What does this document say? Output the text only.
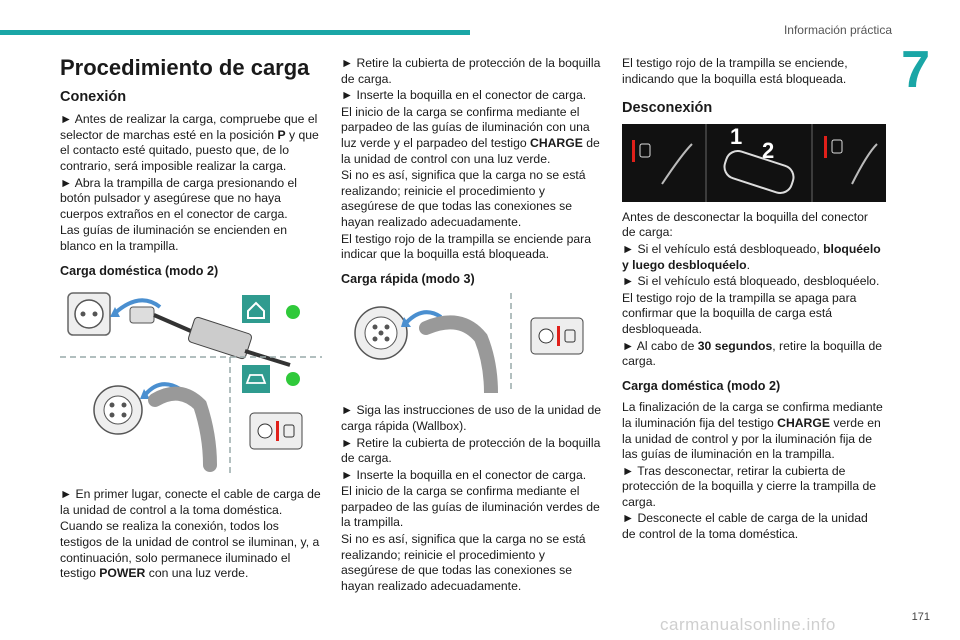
Información práctica
7
Procedimiento de carga
Conexión

► Antes de realizar la carga, compruebe que el selector de marchas esté en la posición P y que el contacto esté quitado, puesto que, de lo contrario, será imposible realizar la carga.

► Abra la trampilla de carga presionando el botón pulsador y asegúrese que no haya cuerpos extraños en el conector de carga.

Las guías de iluminación se encienden en blanco en la trampilla.

Carga doméstica (modo 2)

► En primer lugar, conecte el cable de carga de la unidad de control a la toma doméstica.

Cuando se realiza la conexión, todos los testigos de la unidad de control se iluminan, y, a continuación, solo permanece iluminado el testigo POWER con una luz verde.

► Retire la cubierta de protección de la boquilla de carga.

► Inserte la boquilla en el conector de carga.

El inicio de la carga se confirma mediante el parpadeo de las guías de iluminación con una luz verde y el parpadeo del testigo CHARGE de la unidad de control con una luz verde.

Si no es así, significa que la carga no se está realizando; reinicie el procedimiento y asegúrese de que todas las conexiones se hayan realizado adecuadamente.

El testigo rojo de la trampilla se enciende para indicar que la boquilla está bloqueada.

Carga rápida (modo 3)

► Siga las instrucciones de uso de la unidad de carga rápida (Wallbox).

► Retire la cubierta de protección de la boquilla de carga.

► Inserte la boquilla en el conector de carga.

El inicio de la carga se confirma mediante el parpadeo de las guías de iluminación verdes de la trampilla.

Si no es así, significa que la carga no se está realizando; reinicie el procedimiento y asegúrese de que todas las conexiones se hayan realizado adecuadamente.

El testigo rojo de la trampilla se enciende, indicando que la boquilla está bloqueada.

Desconexión
1
2

Antes de desconectar la boquilla del conector de carga:

► Si el vehículo está desbloqueado, bloquéelo y luego desbloquéelo.

► Si el vehículo está bloqueado, desbloquéelo.

El testigo rojo de la trampilla se apaga para confirmar que la boquilla de carga está desbloqueada.

► Al cabo de 30 segundos, retire la boquilla de carga.

Carga doméstica (modo 2)

La finalización de la carga se confirma mediante la iluminación fija del testigo CHARGE verde en la unidad de control y por la iluminación fija de las guías de iluminación en la trampilla.

► Tras desconectar, retirar la cubierta de protección de la boquilla y cierre la trampilla de carga.

► Desconecte el cable de carga de la unidad de control de la toma doméstica.

carmanualsonline.info	171
